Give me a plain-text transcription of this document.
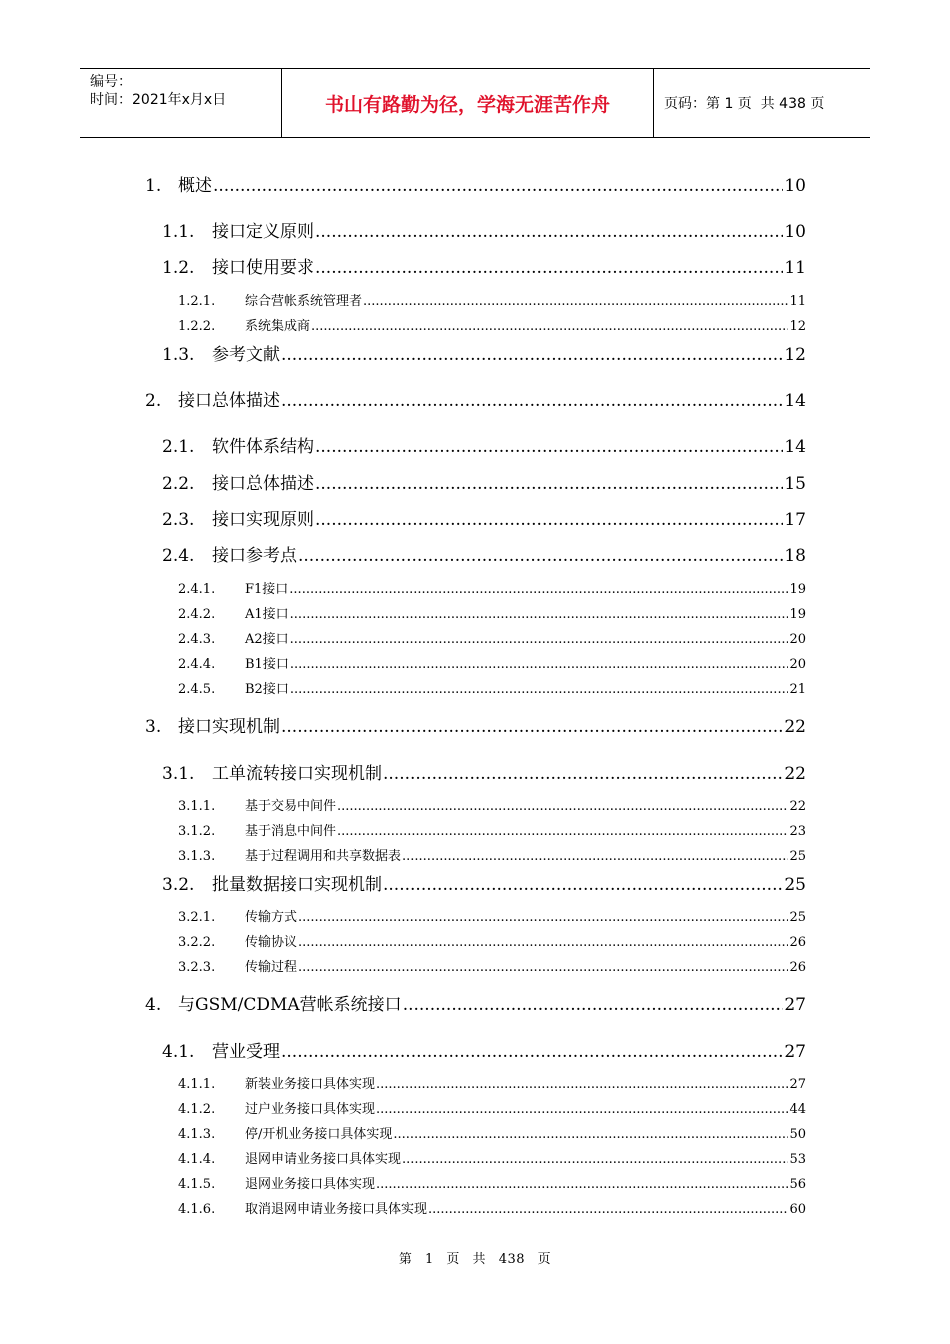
编号：
时间：2021年x月x日	书山有路勤为径，学海无涯苦作舟	页码：第 1 页  共 438 页
1. 概述 .....	10
1.1.	接口定义原则 .....	10
1.2.	接口使用要求 .....	11
1.2.1.	综合营帐系统管理者 .....	11
1.2.2.	系统集成商 .....	12
1.3.	参考文献 .....	12
2. 接口总体描述 .....	14
2.1.	软件体系结构 .....	14
2.2.	接口总体描述 .....	15
2.3.	接口实现原则 .....	17
2.4.	接口参考点 .....	18
2.4.1.	F1接口 .....	19
2.4.2.	A1接口 .....	19
2.4.3.	A2接口 .....	20
2.4.4.	B1接口 .....	20
2.4.5.	B2接口 .....	21
3. 接口实现机制 .....	22
3.1.	工单流转接口实现机制 .....	22
3.1.1.	基于交易中间件 .....	22
3.1.2.	基于消息中间件 .....	23
3.1.3.	基于过程调用和共享数据表 .....	25
3.2.	批量数据接口实现机制 .....	25
3.2.1.	传输方式 .....	25
3.2.2.	传输协议 .....	26
3.2.3.	传输过程 .....	26
4. 与GSM/CDMA营帐系统接口 .....	27
4.1.	营业受理 .....	27
4.1.1.	新装业务接口具体实现 .....	27
4.1.2.	过户业务接口具体实现 .....	44
4.1.3.	停/开机业务接口具体实现 .....	50
4.1.4.	退网申请业务接口具体实现 .....	53
4.1.5.	退网业务接口具体实现 .....	56
4.1.6.	取消退网申请业务接口具体实现 .....	60
第 1 页 共 438 页
